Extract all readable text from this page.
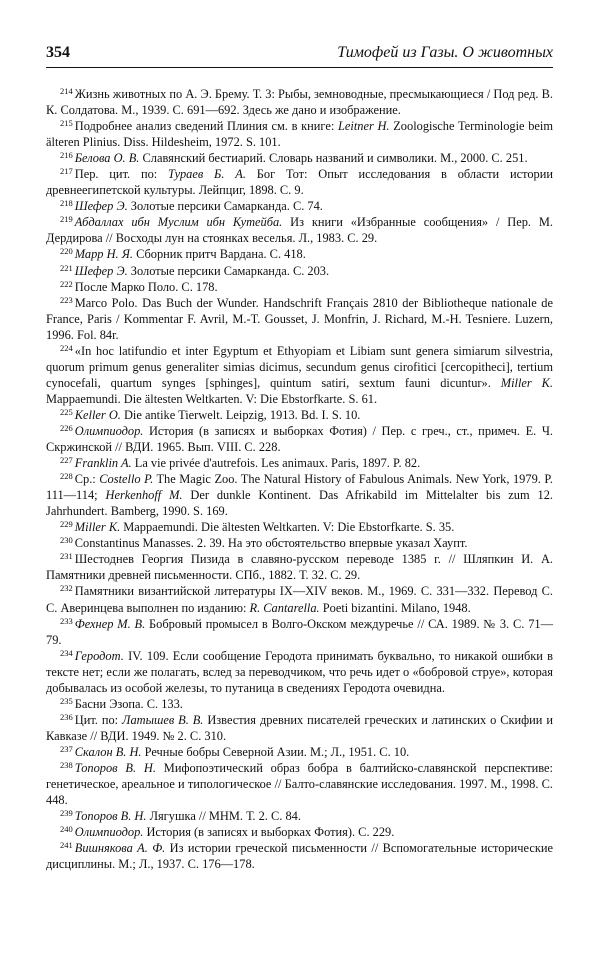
354	Тимофей из Газы. О животных

$^{214}$ Жизнь животных по А. Э. Брему. Т. 3: Рыбы, земноводные, пресмыкающиеся / Под ред. В. К. Солдатова. М., 1939. С. 691—692. Здесь же дано и изображение.

$^{215}$ Подробнее анализ сведений Плиния см. в книге: Leitner H. Zoologische Terminologie beim älteren Plinius. Diss. Hildesheim, 1972. S. 101.

$^{216}$ Белова О. В. Славянский бестиарий. Словарь названий и символики. М., 2000. С. 251.

$^{217}$ Пер. цит. по: Тураев Б. А. Бог Тот: Опыт исследования в области истории древнеегипетской культуры. Лейпциг, 1898. С. 9.

$^{218}$ Шефер Э. Золотые персики Самарканда. С. 74.

$^{219}$ Абдаллах ибн Муслим ибн Кутейба. Из книги «Избранные сообщения» / Пер. М. Дердирова // Восходы лун на стоянках веселья. Л., 1983. С. 29.

$^{220}$ Марр Н. Я. Сборник притч Вардана. С. 418.

$^{221}$ Шефер Э. Золотые персики Самарканда. С. 203.

$^{222}$ После Марко Поло. С. 178.

$^{223}$ Marco Polo. Das Buch der Wunder. Handschrift Français 2810 der Bibliotheque nationale de France, Paris / Kommentar F. Avril, M.-T. Gousset, J. Monfrin, J. Richard, M.-H. Tesniere. Luzern, 1996. Fol. 84r.

$^{224}$ «In hoc latifundio et inter Egyptum et Ethyopiam et Libiam sunt genera simiarum silvestria, quorum primum genus generaliter simias dicimus, secundum genus cirofitici [cercopitheci], tertium cynocefali, quartum synges [sphinges], quintum satiri, sextum fauni dicuntur». Miller K. Mappaemundi. Die ältesten Weltkarten. V: Die Ebstorfkarte. S. 61.

$^{225}$ Keller O. Die antike Tierwelt. Leipzig, 1913. Bd. I. S. 10.

$^{226}$ Олимпиодор. История (в записях и выборках Фотия) / Пер. с греч., ст., примеч. Е. Ч. Скржинской // ВДИ. 1965. Вып. VIII. С. 228.

$^{227}$ Franklin A. La vie privée d'autrefois. Les animaux. Paris, 1897. P. 82.

$^{228}$ Ср.: Costello P. The Magic Zoo. The Natural History of Fabulous Animals. New York, 1979. P. 111—114; Herkenhoff M. Der dunkle Kontinent. Das Afrikabild im Mittelalter bis zum 12. Jahrhundert. Bamberg, 1990. S. 169.

$^{229}$ Miller K. Mappaemundi. Die ältesten Weltkarten. V: Die Ebstorfkarte. S. 35.

$^{230}$ Constantinus Manasses. 2. 39. На это обстоятельство впервые указал Хаупт.

$^{231}$ Шестоднев Георгия Пизида в славяно-русском переводе 1385 г. // Шляпкин И. А. Памятники древней письменности. СПб., 1882. Т. 32. С. 29.

$^{232}$ Памятники византийской литературы IX—XIV веков. М., 1969. С. 331—332. Перевод С. С. Аверинцева выполнен по изданию: R. Cantarella. Poeti bizantini. Milano, 1948.

$^{233}$ Фехнер М. В. Бобровый промысел в Волго-Окском междуречье // СА. 1989. № 3. С. 71—79.

$^{234}$ Геродот. IV. 109. Если сообщение Геродота принимать буквально, то никакой ошибки в тексте нет; если же полагать, вслед за переводчиком, что речь идет о «бобровой струе», которая добывалась из особой железы, то путаница в сведениях Геродота очевидна.

$^{235}$ Басни Эзопа. С. 133.

$^{236}$ Цит. по: Латышев В. В. Известия древних писателей греческих и латинских о Скифии и Кавказе // ВДИ. 1949. № 2. С. 310.

$^{237}$ Скалон В. Н. Речные бобры Северной Азии. М.; Л., 1951. С. 10.

$^{238}$ Топоров В. Н. Мифопоэтический образ бобра в балтийско-славянской перспективе: генетическое, ареальное и типологическое // Балто-славянские исследования. 1997. М., 1998. С. 448.

$^{239}$ Топоров В. Н. Лягушка // МНМ. Т. 2. С. 84.

$^{240}$ Олимпиодор. История (в записях и выборках Фотия). С. 229.

$^{241}$ Вишнякова А. Ф. Из истории греческой письменности // Вспомогательные исторические дисциплины. М.; Л., 1937. С. 176—178.
